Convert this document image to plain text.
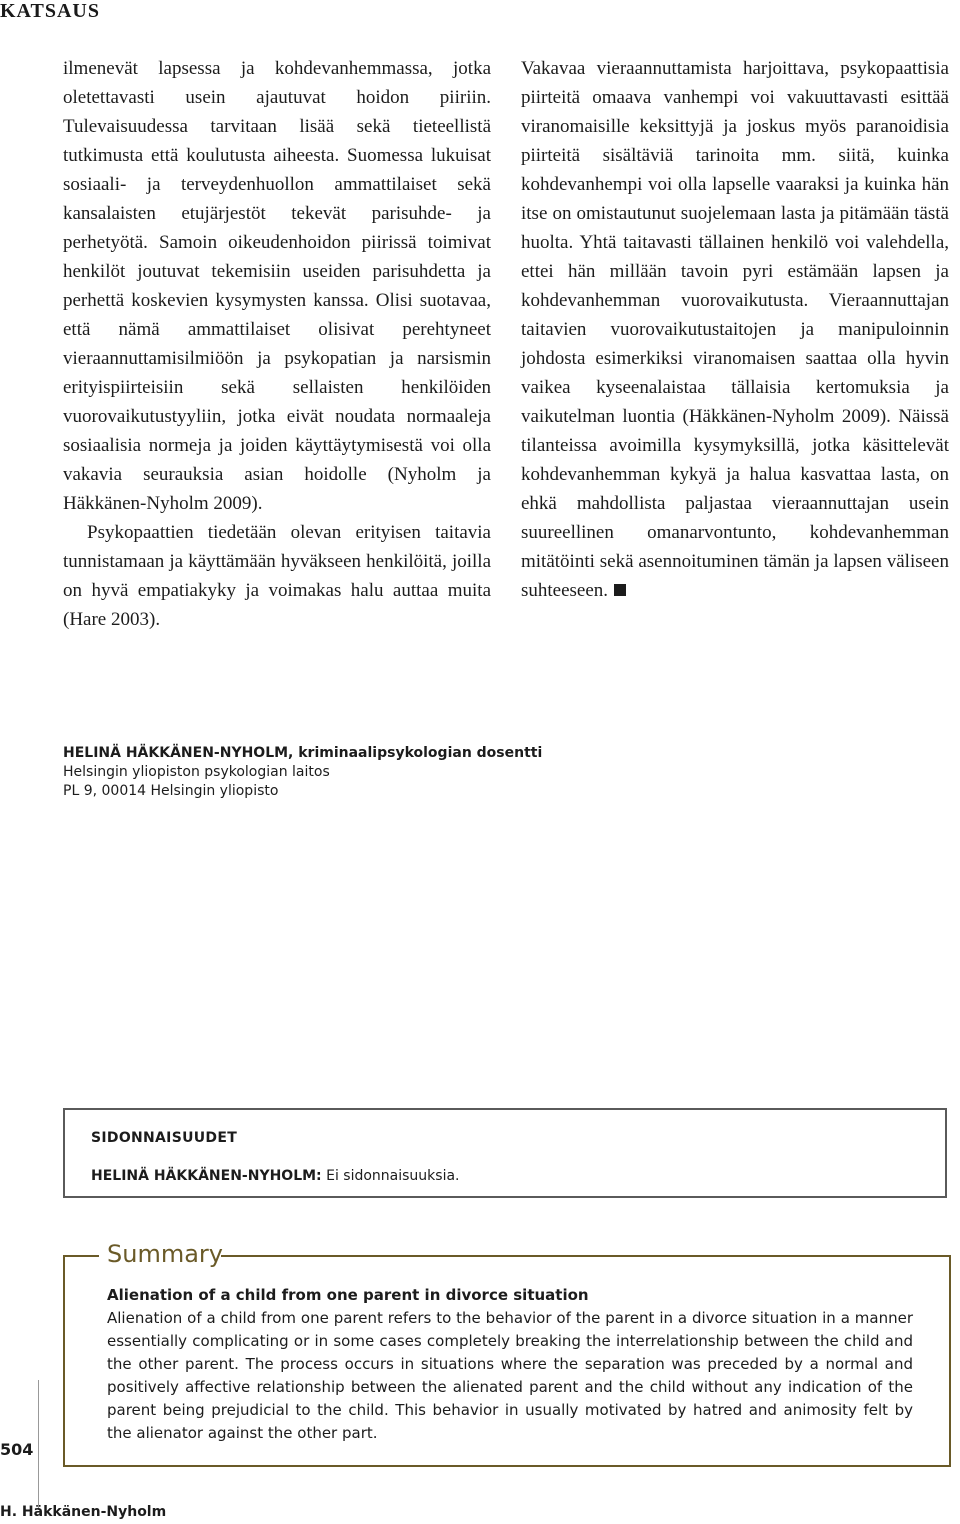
KATSAUS

ilmenevät lapsessa ja kohdevanhemmassa, jotka oletettavasti usein ajautuvat hoidon piiriin. Tulevaisuudessa tarvitaan lisää sekä tieteellistä tutkimusta että koulutusta aiheesta. Suomessa lukuisat sosiaali- ja terveydenhuollon ammattilaiset sekä kansalaisten etujärjestöt tekevät parisuhde- ja perhetyötä. Samoin oikeudenhoidon piirissä toimivat henkilöt joutuvat tekemisiin useiden parisuhdetta ja perhettä koskevien kysymysten kanssa. Olisi suotavaa, että nämä ammattilaiset olisivat perehtyneet vieraannuttamisilmiöön ja psykopatian ja narsismin erityispiirteisiin sekä sellaisten henkilöiden vuorovaikutustyyliin, jotka eivät noudata normaaleja sosiaalisia normeja ja joiden käyttäytymisestä voi olla vakavia seurauksia asian hoidolle (Nyholm ja Häkkänen-Nyholm 2009).

Psykopaattien tiedetään olevan erityisen taitavia tunnistamaan ja käyttämään hyväkseen henkilöitä, joilla on hyvä empatiakyky ja voimakas halu auttaa muita (Hare 2003).

Vakavaa vieraannuttamista harjoittava, psykopaattisia piirteitä omaava vanhempi voi vakuuttavasti esittää viranomaisille keksittyjä ja joskus myös paranoidisia piirteitä sisältäviä tarinoita mm. siitä, kuinka kohdevanhempi voi olla lapselle vaaraksi ja kuinka hän itse on omistautunut suojelemaan lasta ja pitämään tästä huolta. Yhtä taitavasti tällainen henkilö voi valehdella, ettei hän millään tavoin pyri estämään lapsen ja kohdevanhemman vuorovaikutusta. Vieraannuttajan taitavien vuorovaikutustaitojen ja manipuloinnin johdosta esimerkiksi viranomaisen saattaa olla hyvin vaikea kyseenalaistaa tällaisia kertomuksia ja vaikutelman luontia (Häkkänen-Nyholm 2009). Näissä tilanteissa avoimilla kysymyksillä, jotka käsittelevät kohdevanhemman kykyä ja halua kasvattaa lasta, on ehkä mahdollista paljastaa vieraannuttajan usein suureellinen omanarvontunto, kohdevanhemman mitätöinti sekä asennoituminen tämän ja lapsen väliseen suhteeseen.

HELINÄ HÄKKÄNEN-NYHOLM, kriminaalipsykologian dosentti
Helsingin yliopiston psykologian laitos
PL 9, 00014 Helsingin yliopisto
SIDONNAISUUDET
HELINÄ HÄKKÄNEN-NYHOLM: Ei sidonnaisuuksia.
Summary
Alienation of a child from one parent in divorce situation
Alienation of a child from one parent refers to the behavior of the parent in a divorce situation in a manner essentially complicating or in some cases completely breaking the interrelationship between the child and the other parent. The process occurs in situations where the separation was preceded by a normal and positively affective relationship between the alienated parent and the child without any indication of the parent being prejudicial to the child. This behavior in usually motivated by hatred and animosity felt by the alienator against the other part.
504
H. Häkkänen-Nyholm
